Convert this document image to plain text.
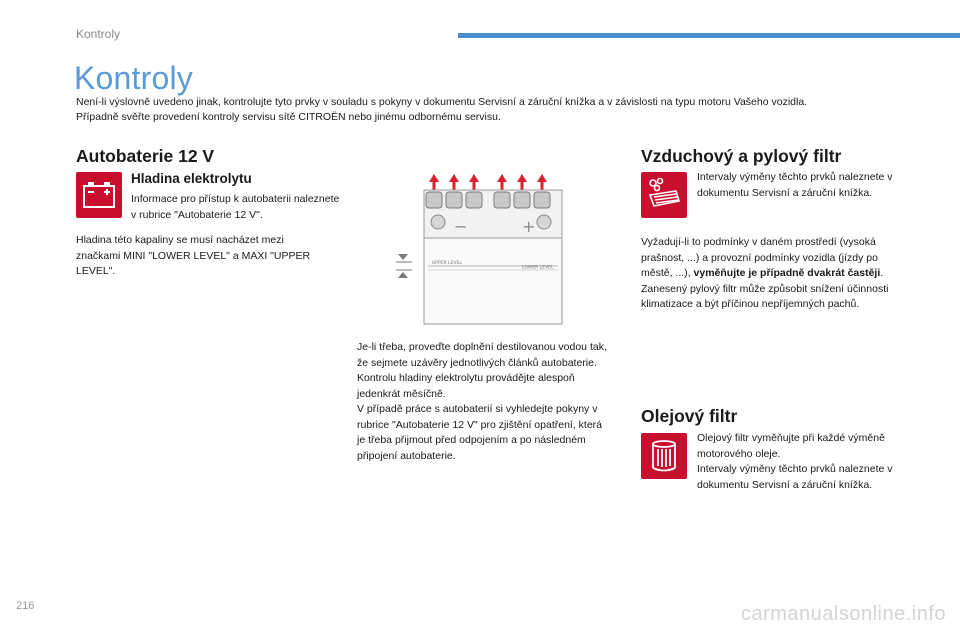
Kontroly
Kontroly
Není-li výslovně uvedeno jinak, kontrolujte tyto prvky v souladu s pokyny v dokumentu Servisní a záruční knížka a v závislosti na typu motoru Vašeho vozidla.
Případně svěřte provedení kontroly servisu sítě CITROËN nebo jinému odbornému servisu.
Autobaterie 12 V
Hladina elektrolytu
Informace pro přístup k autobaterii naleznete v rubrice "Autobaterie 12 V".
Hladina této kapaliny se musí nacházet mezi značkami MINI "LOWER LEVEL" a MAXI "UPPER LEVEL".
−	+
UPPER LEVEL
LOWER LEVEL
Je-li třeba, proveďte doplnění destilovanou vodou tak, že sejmete uzávěry jednotlivých článků autobaterie.
Kontrolu hladiny elektrolytu provádějte alespoň jedenkrát měsíčně.
V případě práce s autobaterií si vyhledejte pokyny v rubrice "Autobaterie 12 V" pro zjištění opatření, která je třeba přijmout před odpojením a po následném připojení autobaterie.
Vzduchový a pylový filtr
Intervaly výměny těchto prvků naleznete v dokumentu Servisní a záruční knížka.
Vyžadují-li to podmínky v daném prostředí (vysoká prašnost, ...) a provozní podmínky vozidla (jízdy po městě, ...), vyměňujte je případně dvakrát častěji.
Zanesený pylový filtr může způsobit snížení účinnosti klimatizace a být příčinou nepříjemných pachů.
Olejový filtr
Olejový filtr vyměňujte při každé výměně motorového oleje.
Intervaly výměny těchto prvků naleznete v dokumentu Servisní a záruční knížka.
216	carmanualsonline.info
